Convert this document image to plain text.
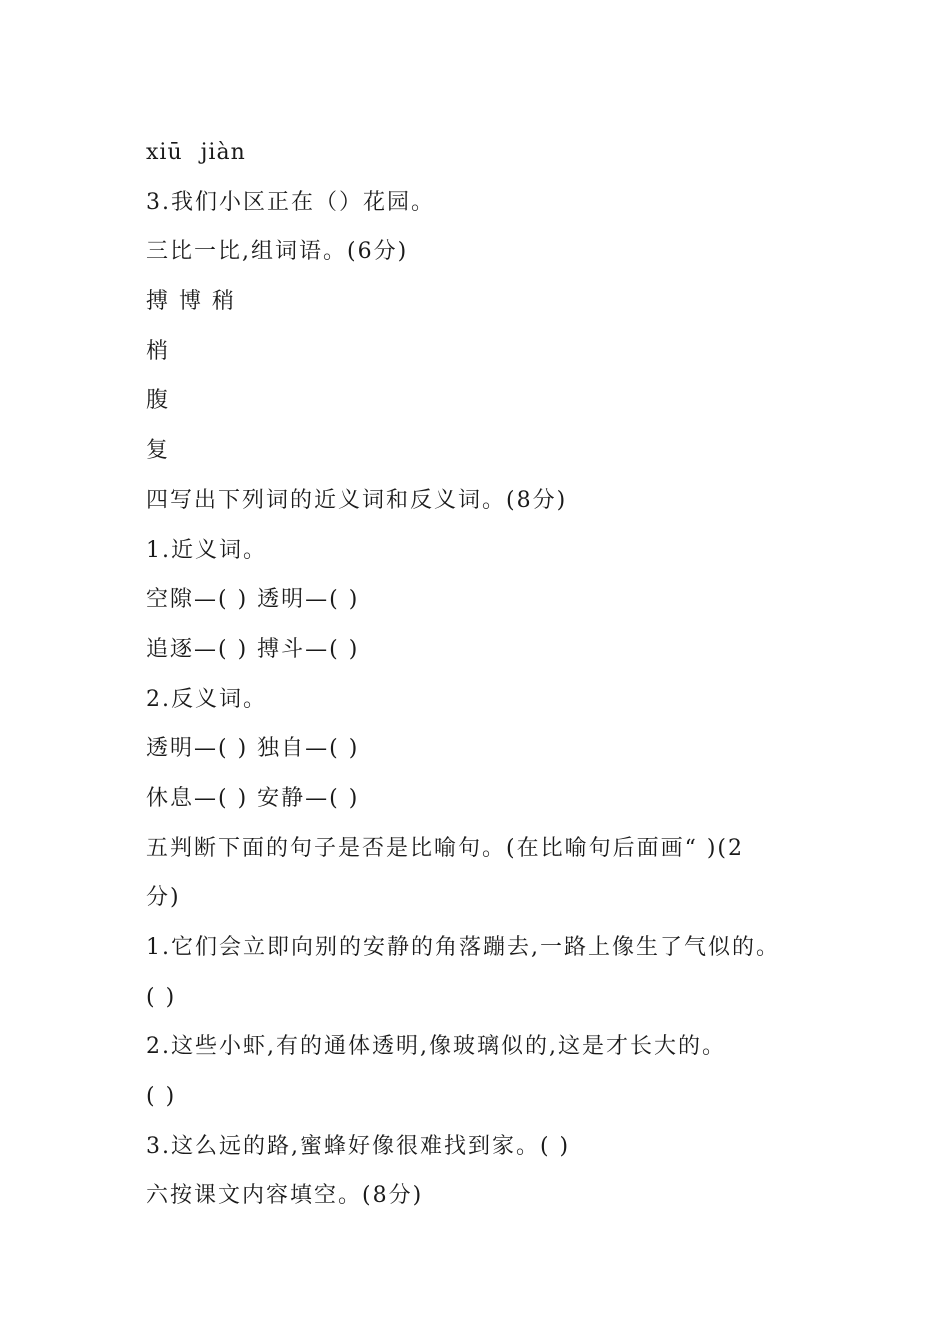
xiū jiàn
3.我们小区正在（）花园。
三比一比,组词语。(6分)
搏 博 稍
梢
腹
复
四写出下列词的近义词和反义词。(8分)
1.近义词。
空隙—( ) 透明—( )
追逐—( ) 搏斗—( )
2.反义词。
透明—( ) 独自—( )
休息—( ) 安静—( )
五判断下面的句子是否是比喻句。(在比喻句后面画“ )(2
分)
1.它们会立即向别的安静的角落蹦去,一路上像生了气似的。
( )
2.这些小虾,有的通体透明,像玻璃似的,这是才长大的。
( )
3.这么远的路,蜜蜂好像很难找到家。( )
六按课文内容填空。(8分)
